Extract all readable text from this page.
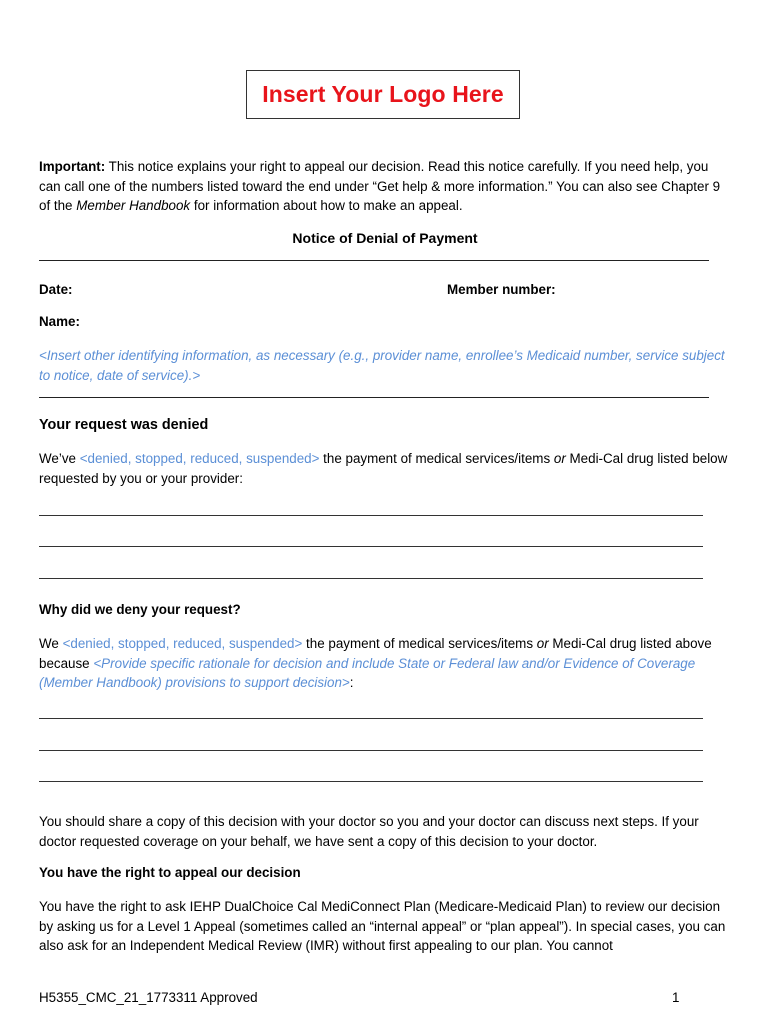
Insert Your Logo Here
Important: This notice explains your right to appeal our decision. Read this notice carefully. If you need help, you can call one of the numbers listed toward the end under “Get help & more information.” You can also see Chapter 9 of the Member Handbook for information about how to make an appeal.
Notice of Denial of Payment
Date:	Member number:
Name:
<Insert other identifying information, as necessary (e.g., provider name, enrollee’s Medicaid number, service subject to notice, date of service).>
Your request was denied
We’ve <denied, stopped, reduced, suspended> the payment of medical services/items or Medi-Cal drug listed below requested by you or your provider:
Why did we deny your request?
We <denied, stopped, reduced, suspended> the payment of medical services/items or Medi-Cal drug listed above because <Provide specific rationale for decision and include State or Federal law and/or Evidence of Coverage (Member Handbook) provisions to support decision>:
You should share a copy of this decision with your doctor so you and your doctor can discuss next steps. If your doctor requested coverage on your behalf, we have sent a copy of this decision to your doctor.
You have the right to appeal our decision
You have the right to ask IEHP DualChoice Cal MediConnect Plan (Medicare-Medicaid Plan) to review our decision by asking us for a Level 1 Appeal (sometimes called an “internal appeal” or “plan appeal”). In special cases, you can also ask for an Independent Medical Review (IMR) without first appealing to our plan. You cannot
H5355_CMC_21_1773311 Approved	1
